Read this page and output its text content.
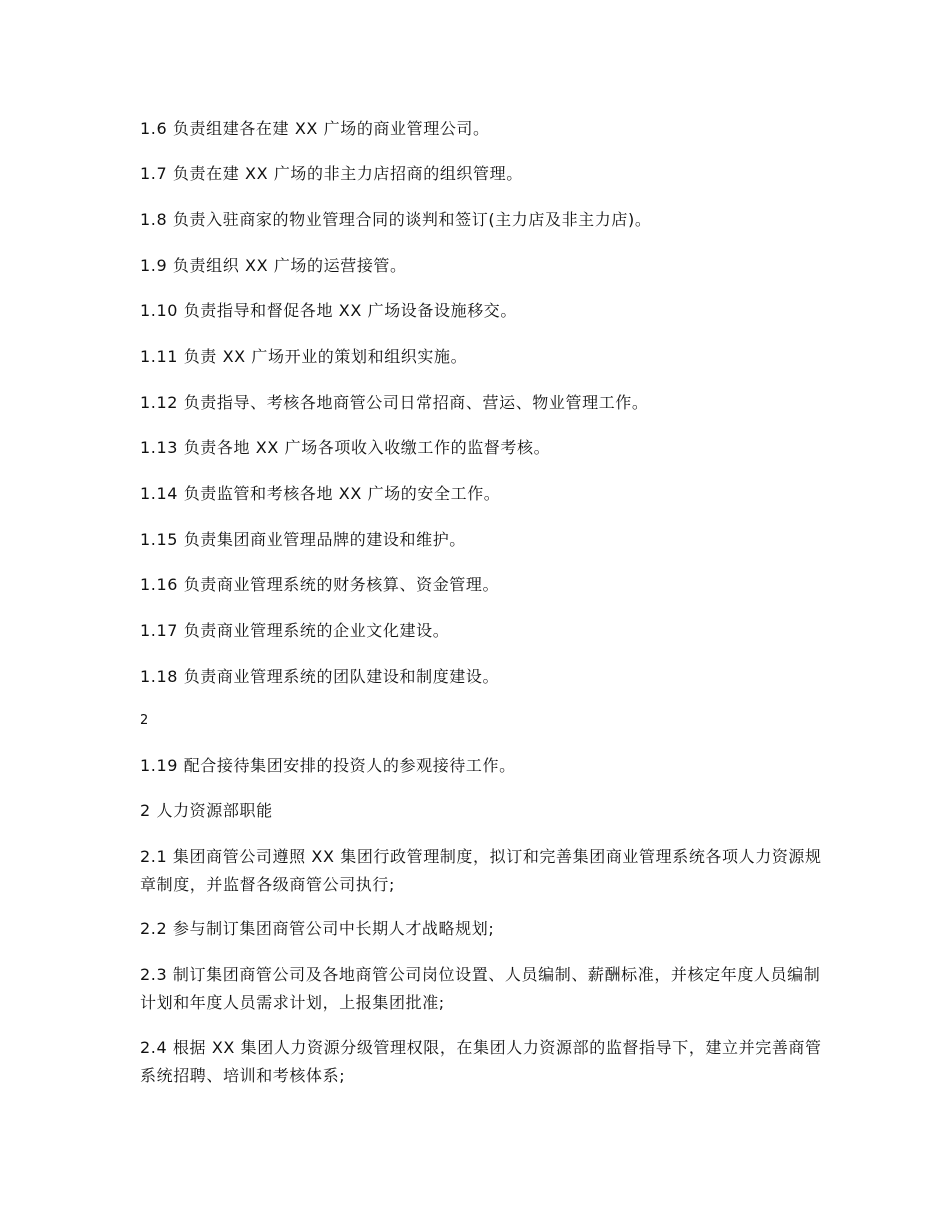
1.6 负责组建各在建 XX 广场的商业管理公司。

1.7 负责在建 XX 广场的非主力店招商的组织管理。

1.8 负责入驻商家的物业管理合同的谈判和签订(主力店及非主力店)。

1.9 负责组织 XX 广场的运营接管。

1.10 负责指导和督促各地 XX 广场设备设施移交。

1.11 负责 XX 广场开业的策划和组织实施。

1.12 负责指导、考核各地商管公司日常招商、营运、物业管理工作。

1.13 负责各地 XX 广场各项收入收缴工作的监督考核。

1.14 负责监管和考核各地 XX 广场的安全工作。

1.15 负责集团商业管理品牌的建设和维护。

1.16 负责商业管理系统的财务核算、资金管理。

1.17 负责商业管理系统的企业文化建设。

1.18 负责商业管理系统的团队建设和制度建设。

2

1.19 配合接待集团安排的投资人的参观接待工作。

2 人力资源部职能

2.1 集团商管公司遵照 XX 集团行政管理制度，拟订和完善集团商业管理系统各项人力资源规章制度，并监督各级商管公司执行;

2.2 参与制订集团商管公司中长期人才战略规划;

2.3 制订集团商管公司及各地商管公司岗位设置、人员编制、薪酬标准，并核定年度人员编制计划和年度人员需求计划，上报集团批准;

2.4 根据 XX 集团人力资源分级管理权限，在集团人力资源部的监督指导下，建立并完善商管系统招聘、培训和考核体系;
